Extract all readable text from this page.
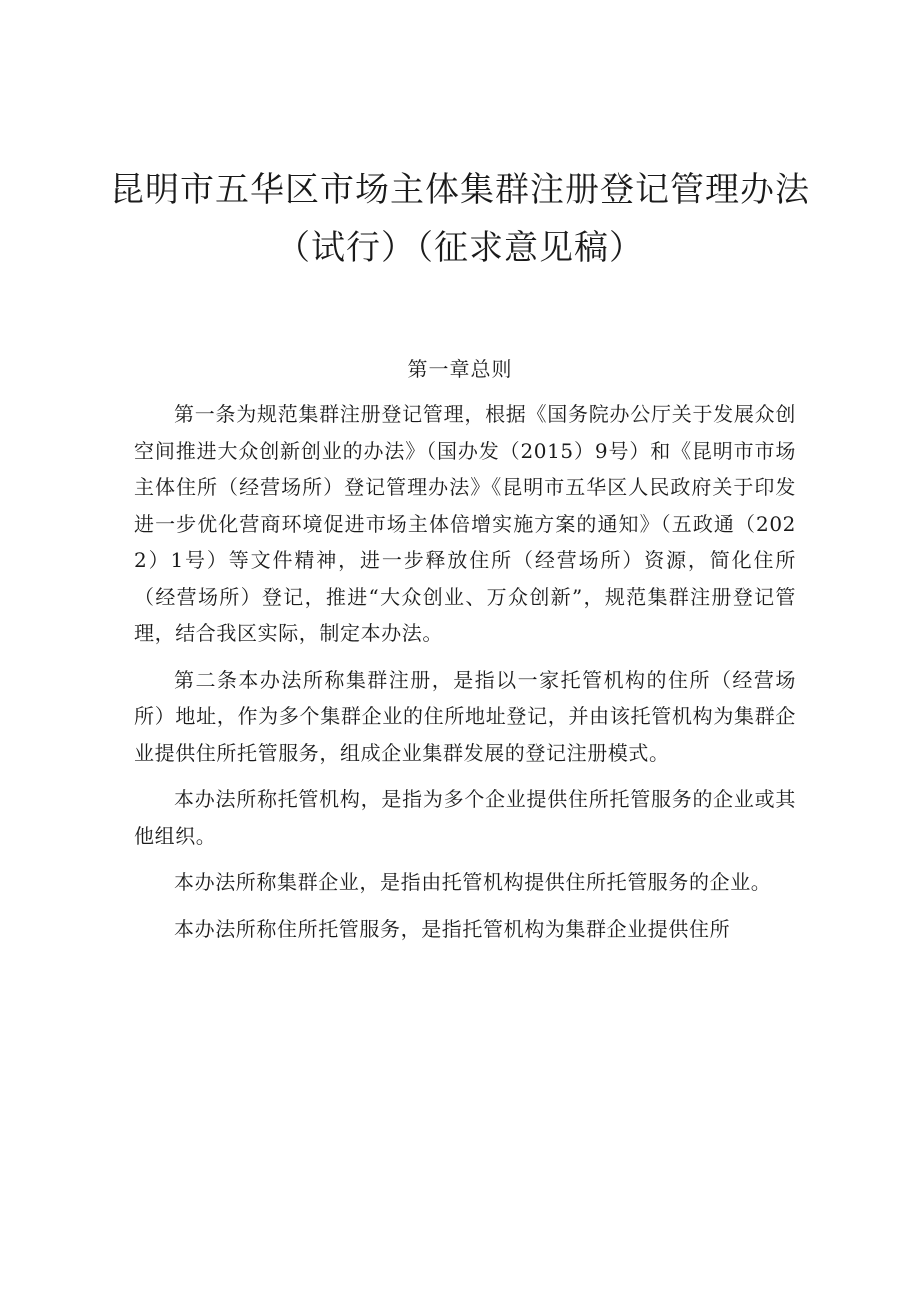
昆明市五华区市场主体集群注册登记管理办法
（试行）（征求意见稿）
第一章总则

第一条为规范集群注册登记管理，根据《国务院办公厅关于发展众创空间推进大众创新创业的办法》（国办发（2015）9号）和《昆明市市场主体住所（经营场所）登记管理办法》《昆明市五华区人民政府关于印发进一步优化营商环境促进市场主体倍增实施方案的通知》（五政通（2022）1号）等文件精神，进一步释放住所（经营场所）资源，简化住所（经营场所）登记，推进“大众创业、万众创新”，规范集群注册登记管理，结合我区实际，制定本办法。

第二条本办法所称集群注册，是指以一家托管机构的住所（经营场所）地址，作为多个集群企业的住所地址登记，并由该托管机构为集群企业提供住所托管服务，组成企业集群发展的登记注册模式。

本办法所称托管机构，是指为多个企业提供住所托管服务的企业或其他组织。

本办法所称集群企业，是指由托管机构提供住所托管服务的企业。

本办法所称住所托管服务，是指托管机构为集群企业提供住所
